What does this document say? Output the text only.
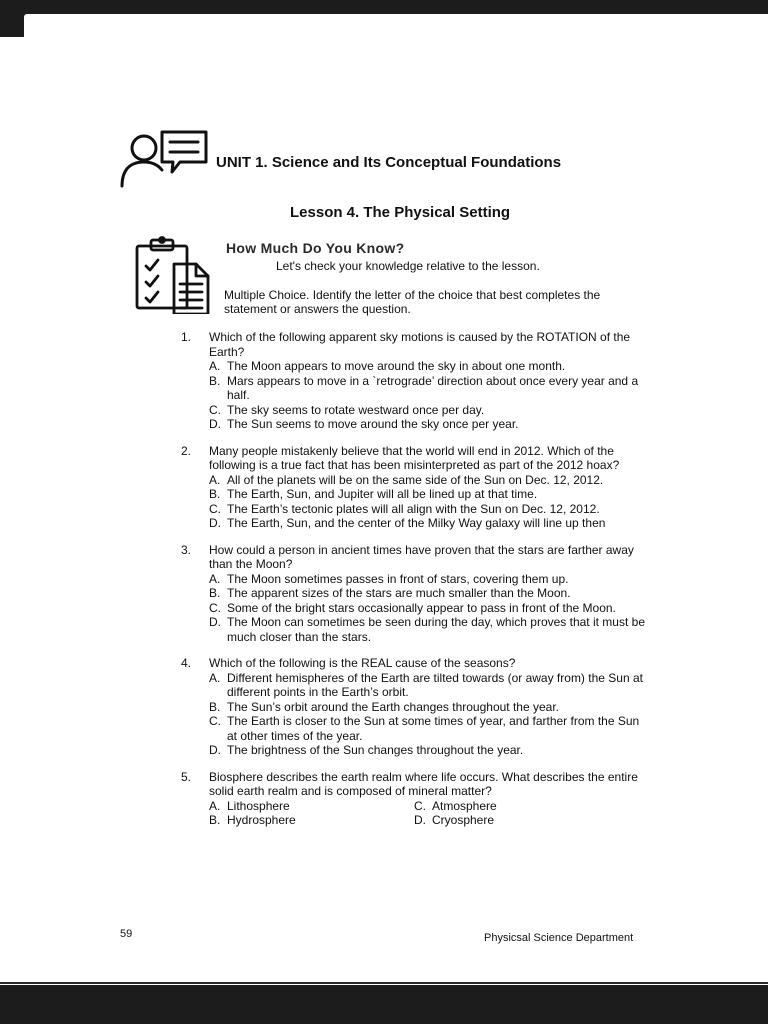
UNIT 1. Science and Its Conceptual Foundations
Lesson 4. The Physical Setting
How Much Do You Know?
Let's check your knowledge relative to the lesson.
Multiple Choice. Identify the letter of the choice that best completes the statement or answers the question.
1.	Which of the following apparent sky motions is caused by the ROTATION of the Earth?
A. The Moon appears to move around the sky in about one month.
B. Mars appears to move in a `retrograde’ direction about once every year and a half.
C. The sky seems to rotate westward once per day.
D. The Sun seems to move around the sky once per year.
2.	Many people mistakenly believe that the world will end in 2012. Which of the following is a true fact that has been misinterpreted as part of the 2012 hoax?
A. All of the planets will be on the same side of the Sun on Dec. 12, 2012.
B. The Earth, Sun, and Jupiter will all be lined up at that time.
C. The Earth’s tectonic plates will all align with the Sun on Dec. 12, 2012.
D. The Earth, Sun, and the center of the Milky Way galaxy will line up then
3.	How could a person in ancient times have proven that the stars are farther away than the Moon?
A. The Moon sometimes passes in front of stars, covering them up.
B. The apparent sizes of the stars are much smaller than the Moon.
C. Some of the bright stars occasionally appear to pass in front of the Moon.
D. The Moon can sometimes be seen during the day, which proves that it must be much closer than the stars.
4.	Which of the following is the REAL cause of the seasons?
A. Different hemispheres of the Earth are tilted towards (or away from) the Sun at different points in the Earth’s orbit.
B. The Sun’s orbit around the Earth changes throughout the year.
C. The Earth is closer to the Sun at some times of year, and farther from the Sun at other times of the year.
D. The brightness of the Sun changes throughout the year.
5.	Biosphere describes the earth realm where life occurs. What describes the entire solid earth realm and is composed of mineral matter?
A. Lithosphere	C. Atmosphere
B. Hydrosphere	D. Cryosphere
59	Physicsal Science Department
